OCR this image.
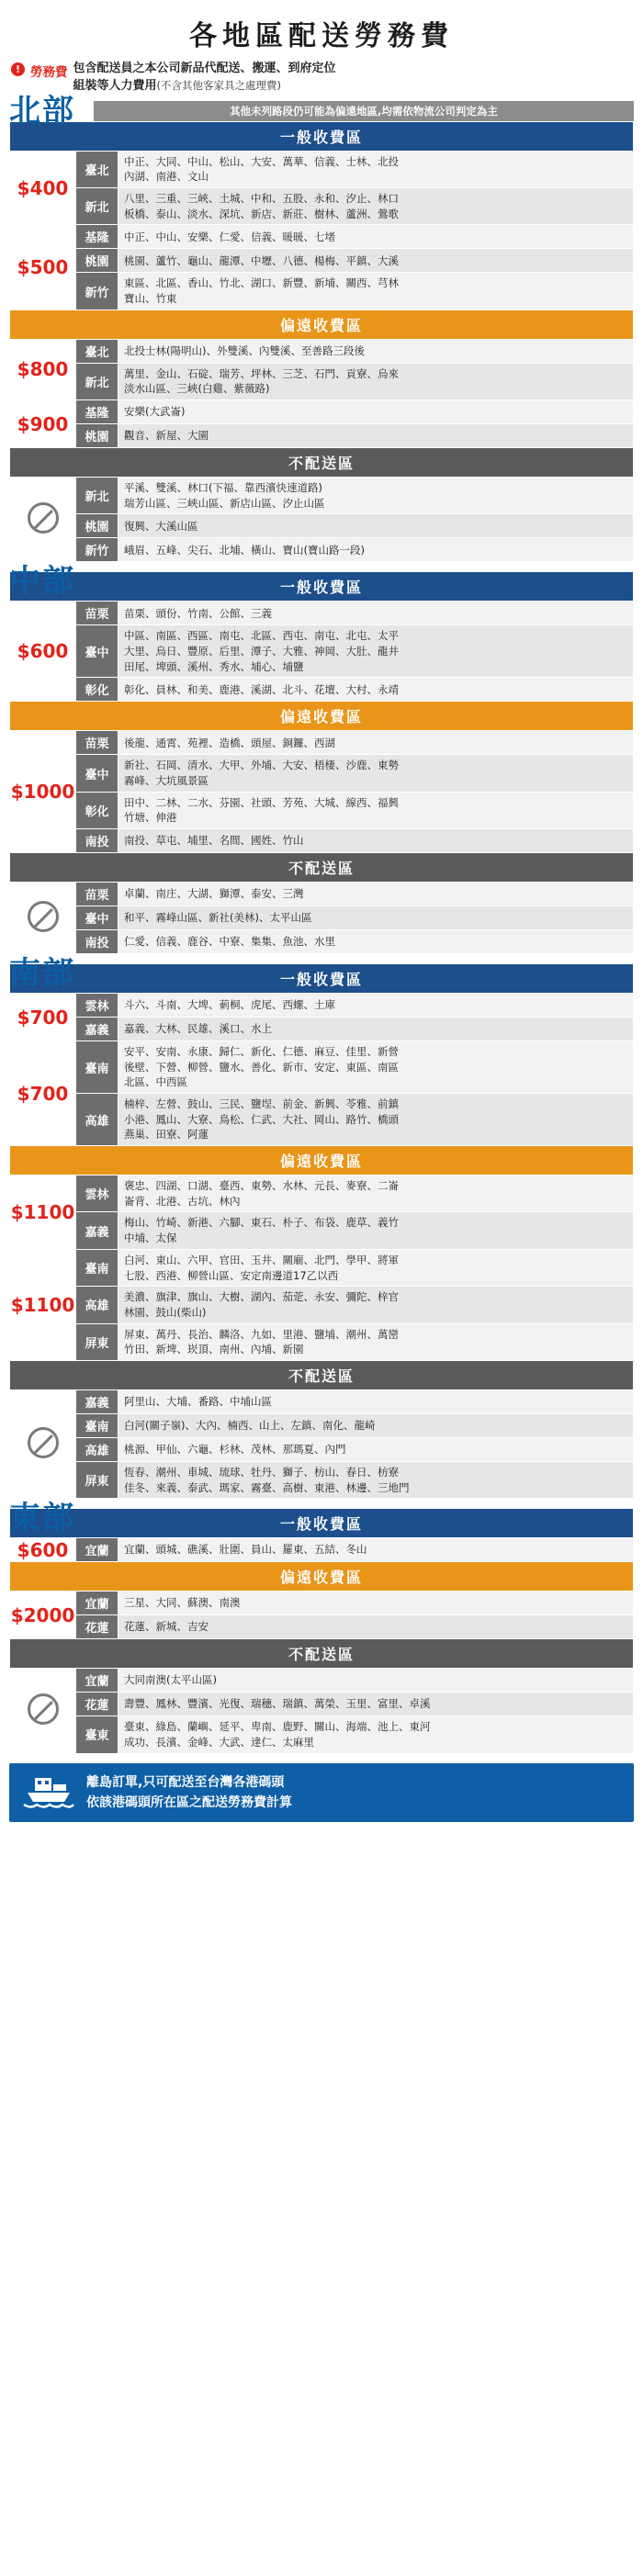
各地區配送勞務費
! 勞務費 包含配送員之本公司新品代配送、搬運、到府定位
組裝等人力費用(不含其他客家具之處理費)
北部	其他未列路段仍可能為偏遠地區,均需依物流公司判定為主
一般收費區		
$400	臺北	中正、大同、中山、松山、大安、萬華、信義、士林、北投
內湖、南港、文山
	新北	八里、三重、三峽、土城、中和、五股、永和、汐止、林口
板橋、泰山、淡水、深坑、新店、新莊、樹林、蘆洲、鶯歌
$500	基隆	中正、中山、安樂、仁愛、信義、暖暖、七堵
	桃園	桃園、蘆竹、龜山、龍潭、中壢、八德、楊梅、平鎮、大溪
	新竹	東區、北區、香山、竹北、湖口、新豐、新埔、關西、芎林
寶山、竹東
偏遠收費區		
$800	臺北	北投士林(陽明山)、外雙溪、內雙溪、至善路三段後
	新北	萬里、金山、石碇、瑞芳、坪林、三芝、石門、貢寮、烏來
淡水山區、三峽(白雞、紫薇路)
$900	基隆	安樂(大武崙)
	桃園	觀音、新屋、大園
不配送區		
	新北	平溪、雙溪、林口(下福、靠西濱快速道路)
瑞芳山區、三峽山區、新店山區、汐止山區
	桃園	復興、大溪山區
	新竹	峨眉、五峰、尖石、北埔、橫山、寶山(寶山路一段)
中部	一般收費區		
$600	苗栗	苗栗、頭份、竹南、公館、三義
	臺中	中區、南區、西區、南屯、北區、西屯、南屯、北屯、太平
大里、烏日、豐原、后里、潭子、大雅、神岡、大肚、龍井
田尾、埤頭、溪州、秀水、埔心、埔鹽
	彰化	彰化、員林、和美、鹿港、溪湖、北斗、花壇、大村、永靖
偏遠收費區		
$1000	苗栗	後龍、通霄、苑裡、造橋、頭屋、銅鑼、西湖
	臺中	新社、石岡、清水、大甲、外埔、大安、梧棲、沙鹿、東勢
霧峰、大坑風景區
	彰化	田中、二林、二水、芬園、社頭、芳苑、大城、線西、福興
竹塘、伸港
	南投	南投、草屯、埔里、名間、國姓、竹山
不配送區		
	苗栗	卓蘭、南庄、大湖、獅潭、泰安、三灣
	臺中	和平、霧峰山區、新社(美林)、太平山區
	南投	仁愛、信義、鹿谷、中寮、集集、魚池、水里
南部	一般收費區		
$700	雲林	斗六、斗南、大埤、莿桐、虎尾、西螺、土庫
	嘉義	嘉義、大林、民雄、溪口、水上
$700	臺南	安平、安南、永康、歸仁、新化、仁德、麻豆、佳里、新營
後壁、下營、柳營、鹽水、善化、新市、安定、東區、南區
北區、中西區
	高雄	楠梓、左營、鼓山、三民、鹽埕、前金、新興、苓雅、前鎮
小港、鳳山、大寮、鳥松、仁武、大社、岡山、路竹、橋頭
燕巢、田寮、阿蓮
偏遠收費區		
$1100	雲林	褒忠、四湖、口湖、臺西、東勢、水林、元長、麥寮、二崙
崙背、北港、古坑、林內
	嘉義	梅山、竹崎、新港、六腳、東石、朴子、布袋、鹿草、義竹
中埔、太保
$1100	臺南	白河、東山、六甲、官田、玉井、關廟、北門、學甲、將軍
七股、西港、柳營山區、安定南邊道17乙以西
	高雄	美濃、旗津、旗山、大樹、湖內、茄萣、永安、彌陀、梓官
林園、鼓山(柴山)
	屏東	屏東、萬丹、長治、麟洛、九如、里港、鹽埔、潮州、萬巒
竹田、新埤、崁頂、南州、內埔、新園
不配送區		
	嘉義	阿里山、大埔、番路、中埔山區
	臺南	白河(關子嶺)、大內、楠西、山上、左鎮、南化、龍崎
	高雄	桃源、甲仙、六龜、杉林、茂林、那瑪夏、內門
	屏東	恆春、潮州、車城、琉球、牡丹、獅子、枋山、春日、枋寮
佳冬、來義、泰武、瑪家、霧臺、高樹、東港、林邊、三地門
東部	一般收費區		
$600	宜蘭	宜蘭、頭城、礁溪、壯圍、員山、羅東、五結、冬山
偏遠收費區		
$2000	宜蘭	三星、大同、蘇澳、南澳
	花蓮	花蓮、新城、吉安
不配送區		
	宜蘭	大同南澳(太平山區)
	花蓮	壽豐、鳳林、豐濱、光復、瑞穗、瑞鎮、萬榮、玉里、富里、卓溪
	臺東	臺東、綠島、蘭嶼、延平、卑南、鹿野、關山、海端、池上、東河
成功、長濱、金峰、大武、達仁、太麻里
離島訂單,只可配送至台灣各港碼頭
依該港碼頭所在區之配送勞務費計算
